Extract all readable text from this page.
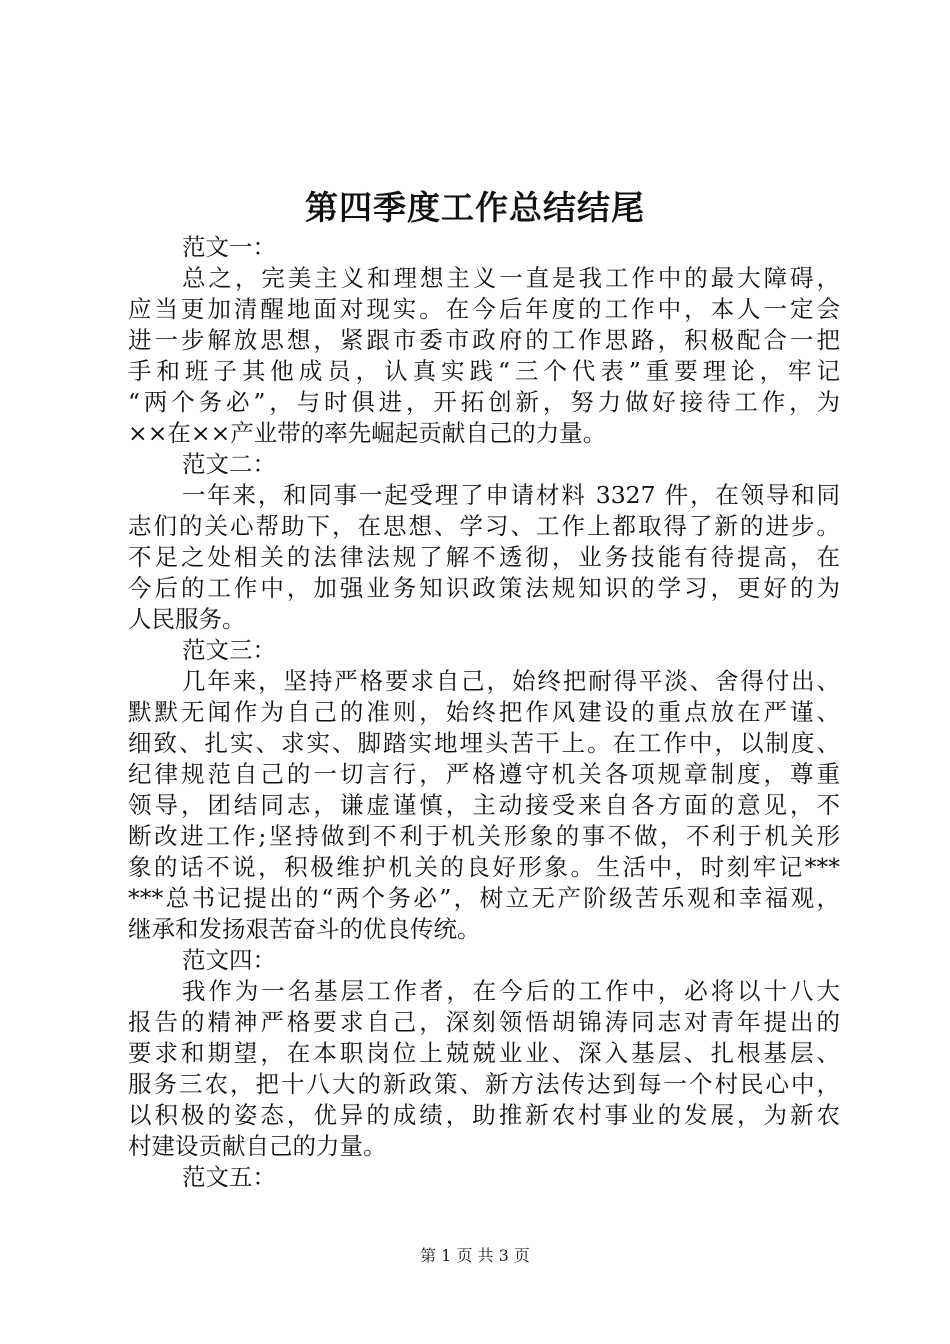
第四季度工作总结结尾
范文一：
总之，完美主义和理想主义一直是我工作中的最大障碍，
应当更加清醒地面对现实。在今后年度的工作中，本人一定会
进一步解放思想，紧跟市委市政府的工作思路，积极配合一把
手和班子其他成员，认真实践“三个代表”重要理论，牢记
“两个务必”，与时俱进，开拓创新，努力做好接待工作，为
××在××产业带的率先崛起贡献自己的力量。
范文二：
一年来，和同事一起受理了申请材料 3327 件，在领导和同
志们的关心帮助下，在思想、学习、工作上都取得了新的进步。
不足之处相关的法律法规了解不透彻，业务技能有待提高，在
今后的工作中，加强业务知识政策法规知识的学习，更好的为
人民服务。
范文三：
几年来，坚持严格要求自己，始终把耐得平淡、舍得付出、
默默无闻作为自己的准则，始终把作风建设的重点放在严谨、
细致、扎实、求实、脚踏实地埋头苦干上。在工作中，以制度、
纪律规范自己的一切言行，严格遵守机关各项规章制度，尊重
领导，团结同志，谦虚谨慎，主动接受来自各方面的意见，不
断改进工作;坚持做到不利于机关形象的事不做，不利于机关形
象的话不说，积极维护机关的良好形象。生活中，时刻牢记***
***总书记提出的“两个务必”，树立无产阶级苦乐观和幸福观，
继承和发扬艰苦奋斗的优良传统。
范文四：
我作为一名基层工作者，在今后的工作中，必将以十八大
报告的精神严格要求自己，深刻领悟胡锦涛同志对青年提出的
要求和期望，在本职岗位上兢兢业业、深入基层、扎根基层、
服务三农，把十八大的新政策、新方法传达到每一个村民心中，
以积极的姿态，优异的成绩，助推新农村事业的发展，为新农
村建设贡献自己的力量。
范文五：
第 1 页 共 3 页
